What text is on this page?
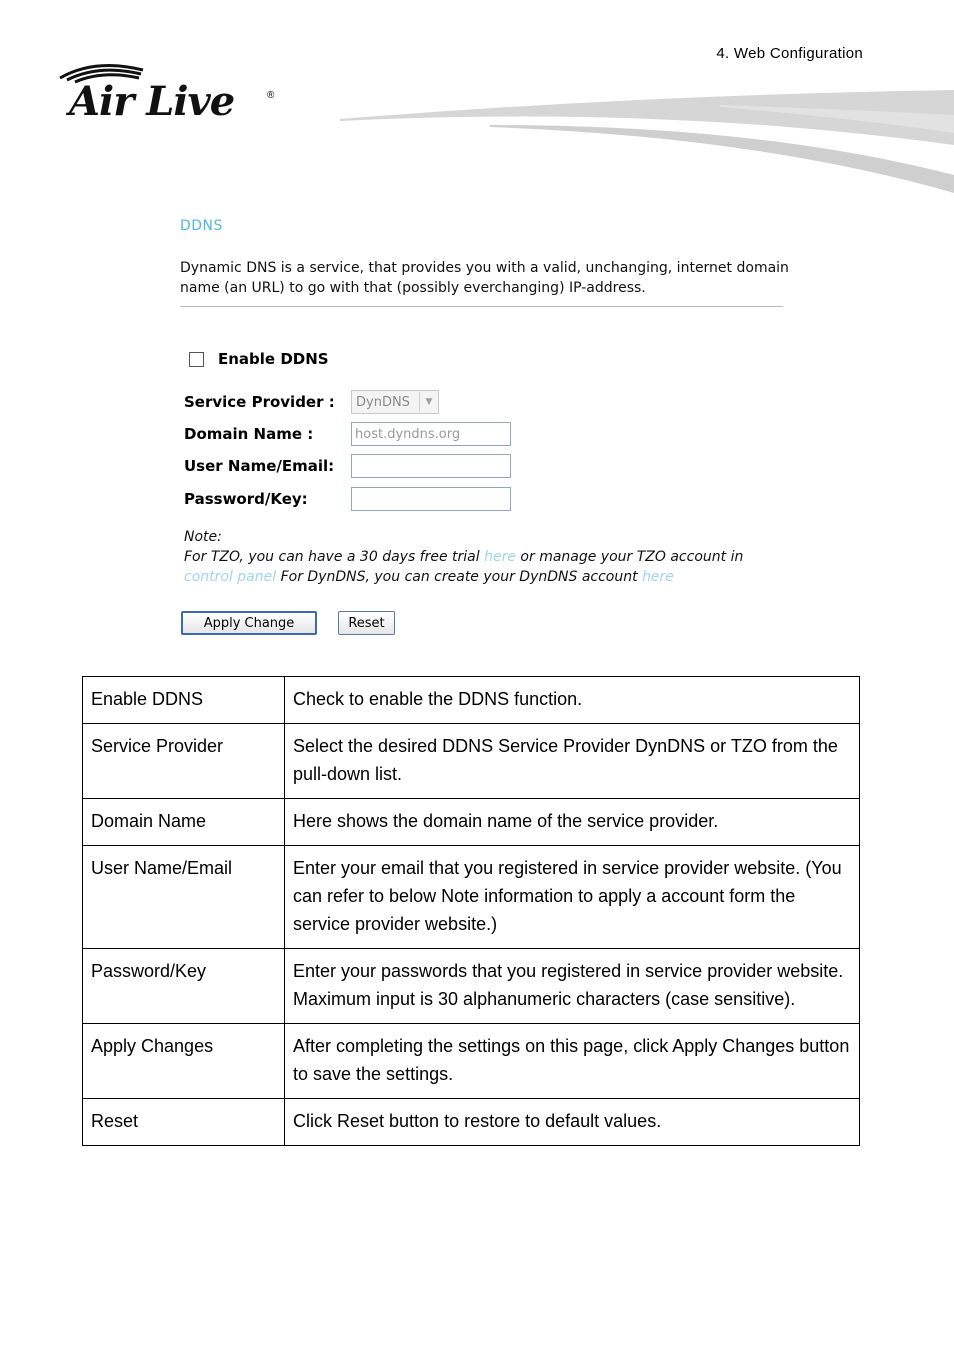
4. Web Configuration
Air Live	®
DDNS
Dynamic DNS is a service, that provides you with a valid, unchanging, internet domain name (an URL) to go with that (possibly everchanging) IP-address.
Enable DDNS
Service Provider :	DynDNS	▼
Domain Name :
host.dyndns.org
User Name/Email:
Password/Key:
Note:
For TZO, you can have a 30 days free trial here or manage your TZO account in
control panel For DynDNS, you can create your DynDNS account here
Apply Change	Reset
Enable DDNS	Check to enable the DDNS function.
Service Provider	Select the desired DDNS Service Provider DynDNS or TZO from the pull-down list.
Domain Name	Here shows the domain name of the service provider.
User Name/Email	Enter your email that you registered in service provider website. (You can refer to below Note information to apply a account form the service provider website.)
Password/Key	Enter your passwords that you registered in service provider website. Maximum input is 30 alphanumeric characters (case sensitive).
Apply Changes	After completing the settings on this page, click Apply Changes button to save the settings.
Reset	Click Reset button to restore to default values.
